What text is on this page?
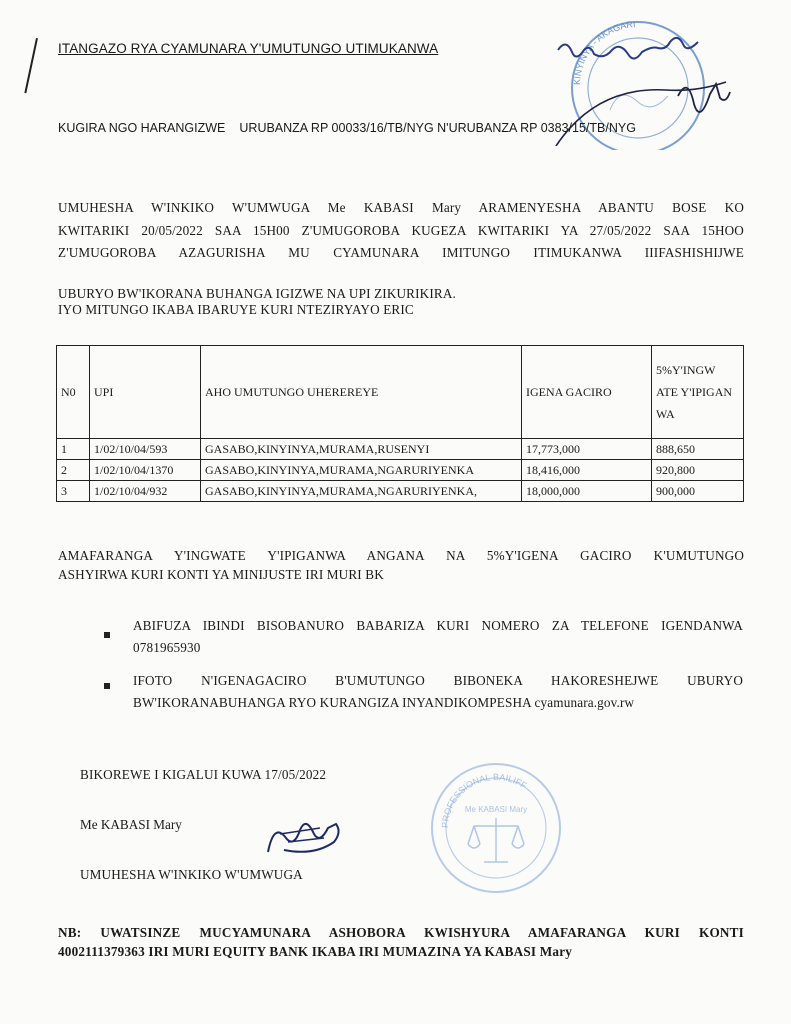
KINYINYA - AKAGARI
ITANGAZO RYA CYAMUNARA Y'UMUTUNGO UTIMUKANWA
KUGIRA NGO HARANGIZWE URUBANZA RP 00033/16/TB/NYG N'URUBANZA RP 0383/15/TB/NYG
UMUHESHA W'INKIKO W'UMWUGA Me KABASI Mary ARAMENYESHA ABANTU BOSE KO
KWITARIKI 20/05/2022 SAA 15H00 Z'UMUGOROBA KUGEZA KWITARIKI YA 27/05/2022 SAA 15HOO
Z'UMUGOROBA AZAGURISHA MU CYAMUNARA IMITUNGO ITIMUKANWA IIIFASHISHIJWE
UBURYO BW'IKORANA BUHANGA IGIZWE NA UPI ZIKURIKIRA.
IYO MITUNGO IKABA IBARUYE KURI NTEZIRYAYO ERIC
N0	UPI	AHO UMUTUNGO UHEREREYE	IGENA GACIRO	5%Y'INGW ATE Y'IPIGAN WA
1	1/02/10/04/593	GASABO,KINYINYA,MURAMA,RUSENYI	17,773,000	888,650
2	1/02/10/04/1370	GASABO,KINYINYA,MURAMA,NGARURIYENKA	18,416,000	920,800
3	1/02/10/04/932	GASABO,KINYINYA,MURAMA,NGARURIYENKA,	18,000,000	900,000
AMAFARANGA Y'INGWATE Y'IPIGANWA ANGANA NA 5%Y'IGENA GACIRO K'UMUTUNGO
ASHYIRWA KURI KONTI YA MINIJUSTE IRI MURI BK
ABIFUZA IBINDI BISOBANURO BABARIZA KURI NOMERO ZA TELEFONE IGENDANWA
0781965930
IFOTO N'IGENAGACIRO B'UMUTUNGO BIBONEKA HAKORESHEJWE UBURYO
BW'IKORANABUHANGA RYO KURANGIZA INYANDIKOMPESHA cyamunara.gov.rw
BIKOREWE I KIGALUI KUWA 17/05/2022
Me KABASI Mary	PROFESSIONAL BAILIFF
Me KABASI Mary
UMUHESHA W'INKIKO W'UMWUGA
NB: UWATSINZE MUCYAMUNARA ASHOBORA KWISHYURA AMAFARANGA KURI KONTI
4002111379363 IRI MURI EQUITY BANK IKABA IRI MUMAZINA YA KABASI Mary
